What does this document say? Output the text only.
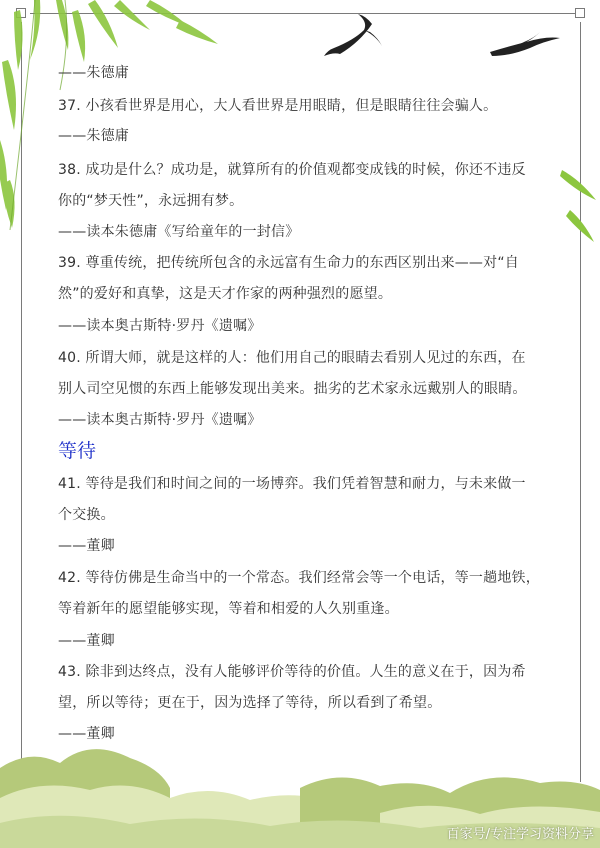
——朱德庸
37. 小孩看世界是用心，大人看世界是用眼睛，但是眼睛往往会骗人。
——朱德庸
38. 成功是什么？成功是，就算所有的价值观都变成钱的时候，你还不违反
你的“梦天性”，永远拥有梦。
——读本朱德庸《写给童年的一封信》
39. 尊重传统，把传统所包含的永远富有生命力的东西区别出来——对“自
然”的爱好和真挚，这是天才作家的两种强烈的愿望。
——读本奥古斯特·罗丹《遗嘱》
40. 所谓大师，就是这样的人：他们用自己的眼睛去看别人见过的东西，在
别人司空见惯的东西上能够发现出美来。拙劣的艺术家永远戴别人的眼睛。
——读本奥古斯特·罗丹《遗嘱》
等待
41. 等待是我们和时间之间的一场博弈。我们凭着智慧和耐力，与未来做一
个交换。
——董卿
42. 等待仿佛是生命当中的一个常态。我们经常会等一个电话，等一趟地铁，
等着新年的愿望能够实现，等着和相爱的人久别重逢。
——董卿
43. 除非到达终点，没有人能够评价等待的价值。人生的意义在于，因为希
望，所以等待；更在于，因为选择了等待，所以看到了希望。
——董卿
百家号/专注学习资料分享
